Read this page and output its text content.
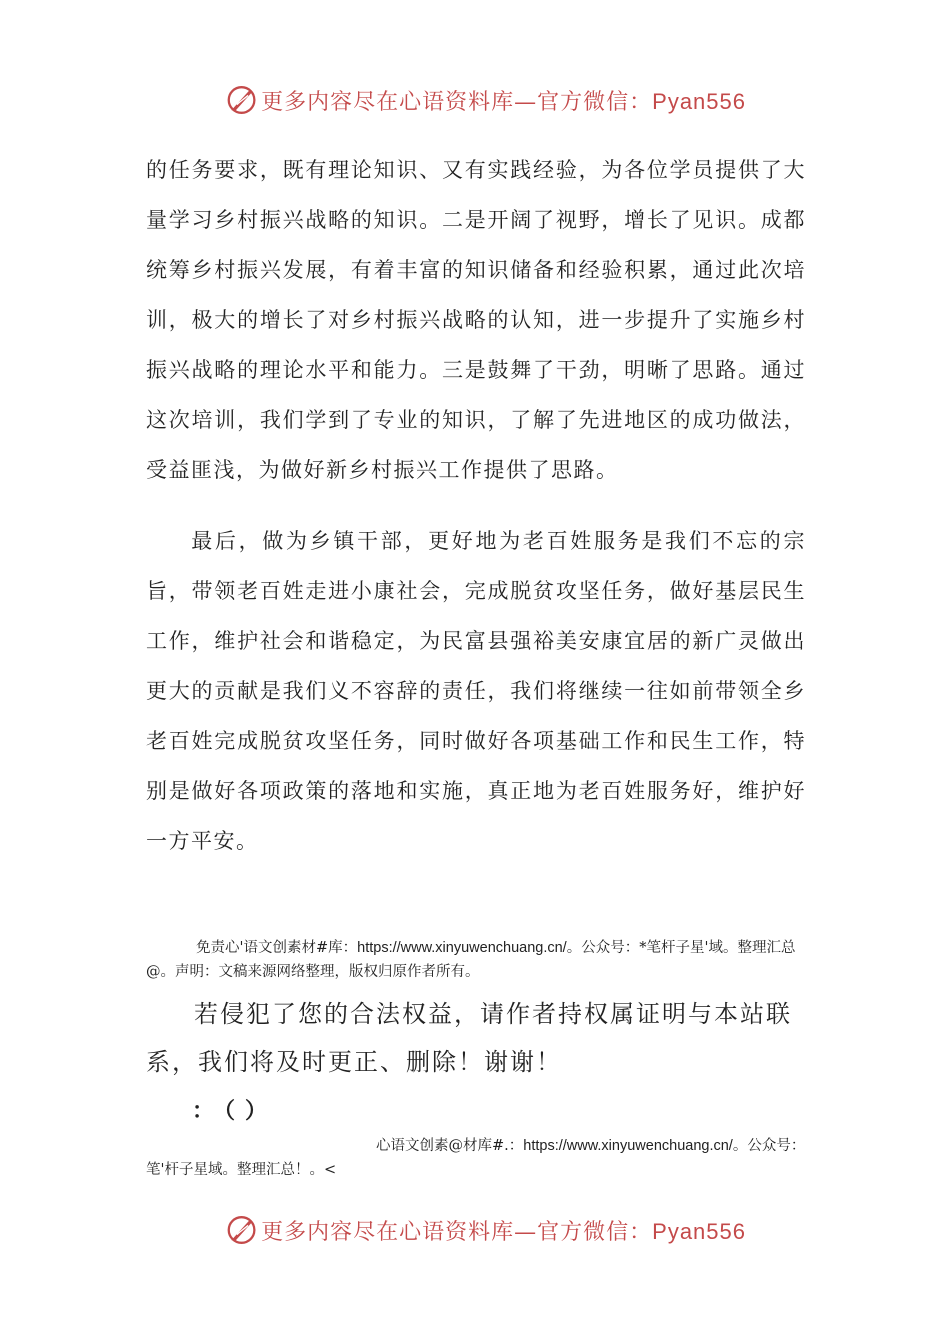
更多内容尽在心语资料库—官方微信：Pyan556
的任务要求，既有理论知识、又有实践经验，为各位学员提供了大量学习乡村振兴战略的知识。二是开阔了视野，增长了见识。成都统筹乡村振兴发展，有着丰富的知识储备和经验积累，通过此次培训，极大的增长了对乡村振兴战略的认知，进一步提升了实施乡村振兴战略的理论水平和能力。三是鼓舞了干劲，明晰了思路。通过这次培训，我们学到了专业的知识，了解了先进地区的成功做法，受益匪浅，为做好新乡村振兴工作提供了思路。
最后，做为乡镇干部，更好地为老百姓服务是我们不忘的宗旨，带领老百姓走进小康社会，完成脱贫攻坚任务，做好基层民生工作，维护社会和谐稳定，为民富县强裕美安康宜居的新广灵做出更大的贡献是我们义不容辞的责任，我们将继续一往如前带领全乡老百姓完成脱贫攻坚任务，同时做好各项基础工作和民生工作，特别是做好各项政策的落地和实施，真正地为老百姓服务好，维护好一方平安。
免责心'语文创素材#库：https://www.xinyuwenchuang.cn/。公众号：*笔杆子星'域。整理汇总@。声明：文稿来源网络整理，版权归原作者所有。
若侵犯了您的合法权益，请作者持权属证明与本站联系，我们将及时更正、删除！谢谢！
：（）
心语文创素@材库#.：https://www.xinyuwenchuang.cn/。公众号：笔'杆子星域。整理汇总！。<
更多内容尽在心语资料库—官方微信：Pyan556
